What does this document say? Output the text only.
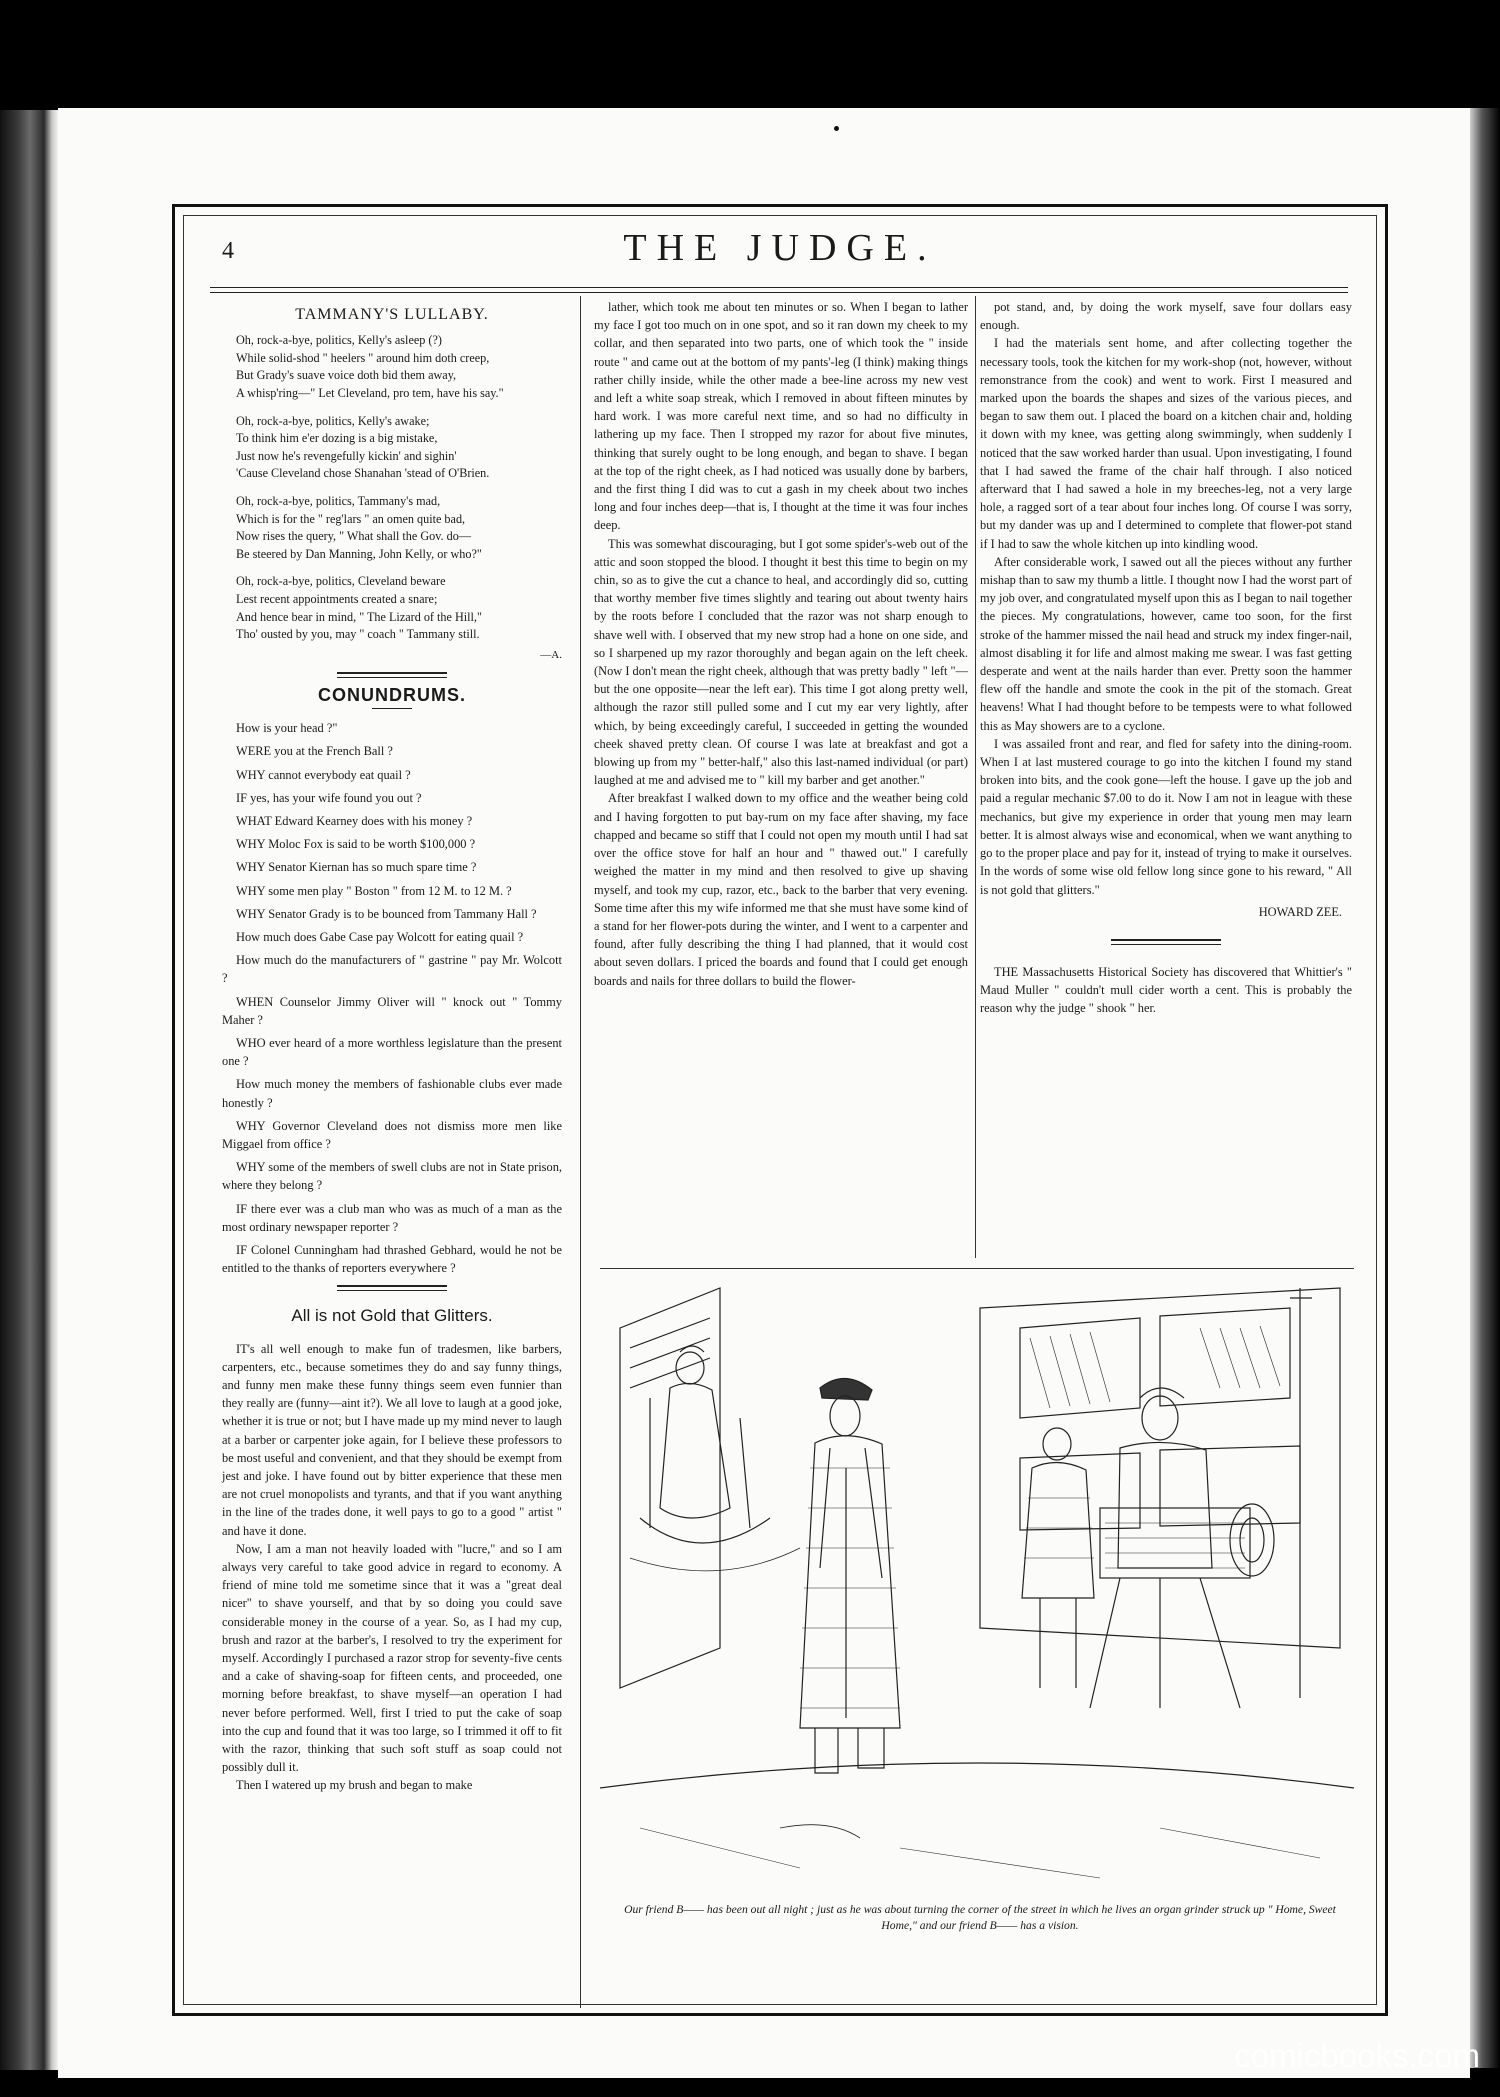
4	THE JUDGE.
TAMMANY'S LULLABY.
Oh, rock-a-bye, politics, Kelly's asleep (?)
While solid-shod " heelers " around him doth creep,
But Grady's suave voice doth bid them away,
A whisp'ring—" Let Cleveland, pro tem, have his say."
Oh, rock-a-bye, politics, Kelly's awake;
To think him e'er dozing is a big mistake,
Just now he's revengefully kickin' and sighin'
'Cause Cleveland chose Shanahan 'stead of O'Brien.
Oh, rock-a-bye, politics, Tammany's mad,
Which is for the " reg'lars " an omen quite bad,
Now rises the query, " What shall the Gov. do—
Be steered by Dan Manning, John Kelly, or who?"
Oh, rock-a-bye, politics, Cleveland beware
Lest recent appointments created a snare;
And hence bear in mind, " The Lizard of the Hill,"
Tho' ousted by you, may " coach " Tammany still.
—A.
CONUNDRUMS.
How is your head ?"
WERE you at the French Ball ?
WHY cannot everybody eat quail ?
IF yes, has your wife found you out ?
WHAT Edward Kearney does with his money ?
WHY Moloc Fox is said to be worth $100,000 ?
WHY Senator Kiernan has so much spare time ?
WHY some men play " Boston " from 12 M. to 12 M. ?
WHY Senator Grady is to be bounced from Tammany Hall ?
How much does Gabe Case pay Wolcott for eating quail ?
How much do the manufacturers of " gastrine " pay Mr. Wolcott ?
WHEN Counselor Jimmy Oliver will " knock out " Tommy Maher ?
WHO ever heard of a more worthless legislature than the present one ?
How much money the members of fashionable clubs ever made honestly ?
WHY Governor Cleveland does not dismiss more men like Miggael from office ?
WHY some of the members of swell clubs are not in State prison, where they belong ?
IF there ever was a club man who was as much of a man as the most ordinary newspaper reporter ?
IF Colonel Cunningham had thrashed Gebhard, would he not be entitled to the thanks of reporters everywhere ?
All is not Gold that Glitters.

IT's all well enough to make fun of tradesmen, like barbers, carpenters, etc., because sometimes they do and say funny things, and funny men make these funny things seem even funnier than they really are (funny—aint it?). We all love to laugh at a good joke, whether it is true or not; but I have made up my mind never to laugh at a barber or carpenter joke again, for I believe these professors to be most useful and convenient, and that they should be exempt from jest and joke. I have found out by bitter experience that these men are not cruel monopolists and tyrants, and that if you want anything in the line of the trades done, it well pays to go to a good " artist " and have it done.

Now, I am a man not heavily loaded with "lucre," and so I am always very careful to take good advice in regard to economy. A friend of mine told me sometime since that it was a "great deal nicer" to shave yourself, and that by so doing you could save considerable money in the course of a year. So, as I had my cup, brush and razor at the barber's, I resolved to try the experiment for myself. Accordingly I purchased a razor strop for seventy-five cents and a cake of shaving-soap for fifteen cents, and proceeded, one morning before breakfast, to shave myself—an operation I had never before performed. Well, first I tried to put the cake of soap into the cup and found that it was too large, so I trimmed it off to fit with the razor, thinking that such soft stuff as soap could not possibly dull it.

Then I watered up my brush and began to make

lather, which took me about ten minutes or so. When I began to lather my face I got too much on in one spot, and so it ran down my cheek to my collar, and then separated into two parts, one of which took the " inside route " and came out at the bottom of my pants'-leg (I think) making things rather chilly inside, while the other made a bee-line across my new vest and left a white soap streak, which I removed in about fifteen minutes by hard work. I was more careful next time, and so had no difficulty in lathering up my face. Then I stropped my razor for about five minutes, thinking that surely ought to be long enough, and began to shave. I began at the top of the right cheek, as I had noticed was usually done by barbers, and the first thing I did was to cut a gash in my cheek about two inches long and four inches deep—that is, I thought at the time it was four inches deep.

This was somewhat discouraging, but I got some spider's-web out of the attic and soon stopped the blood. I thought it best this time to begin on my chin, so as to give the cut a chance to heal, and accordingly did so, cutting that worthy member five times slightly and tearing out about twenty hairs by the roots before I concluded that the razor was not sharp enough to shave well with. I observed that my new strop had a hone on one side, and so I sharpened up my razor thoroughly and began again on the left cheek. (Now I don't mean the right cheek, although that was pretty badly " left "—but the one opposite—near the left ear). This time I got along pretty well, although the razor still pulled some and I cut my ear very lightly, after which, by being exceedingly careful, I succeeded in getting the wounded cheek shaved pretty clean. Of course I was late at breakfast and got a blowing up from my " better-half," also this last-named individual (or part) laughed at me and advised me to " kill my barber and get another."

After breakfast I walked down to my office and the weather being cold and I having forgotten to put bay-rum on my face after shaving, my face chapped and became so stiff that I could not open my mouth until I had sat over the office stove for half an hour and " thawed out." I carefully weighed the matter in my mind and then resolved to give up shaving myself, and took my cup, razor, etc., back to the barber that very evening. Some time after this my wife informed me that she must have some kind of a stand for her flower-pots during the winter, and I went to a carpenter and found, after fully describing the thing I had planned, that it would cost about seven dollars. I priced the boards and found that I could get enough boards and nails for three dollars to build the flower-

pot stand, and, by doing the work myself, save four dollars easy enough.

I had the materials sent home, and after collecting together the necessary tools, took the kitchen for my work-shop (not, however, without remonstrance from the cook) and went to work. First I measured and marked upon the boards the shapes and sizes of the various pieces, and began to saw them out. I placed the board on a kitchen chair and, holding it down with my knee, was getting along swimmingly, when suddenly I noticed that the saw worked harder than usual. Upon investigating, I found that I had sawed the frame of the chair half through. I also noticed afterward that I had sawed a hole in my breeches-leg, not a very large hole, a ragged sort of a tear about four inches long. Of course I was sorry, but my dander was up and I determined to complete that flower-pot stand if I had to saw the whole kitchen up into kindling wood.

After considerable work, I sawed out all the pieces without any further mishap than to saw my thumb a little. I thought now I had the worst part of my job over, and congratulated myself upon this as I began to nail together the pieces. My congratulations, however, came too soon, for the first stroke of the hammer missed the nail head and struck my index finger-nail, almost disabling it for life and almost making me swear. I was fast getting desperate and went at the nails harder than ever. Pretty soon the hammer flew off the handle and smote the cook in the pit of the stomach. Great heavens! What I had thought before to be tempests were to what followed this as May showers are to a cyclone.

I was assailed front and rear, and fled for safety into the dining-room. When I at last mustered courage to go into the kitchen I found my stand broken into bits, and the cook gone—left the house. I gave up the job and paid a regular mechanic $7.00 to do it. Now I am not in league with these mechanics, but give my experience in order that young men may learn better. It is almost always wise and economical, when we want anything to go to the proper place and pay for it, instead of trying to make it ourselves. In the words of some wise old fellow long since gone to his reward, " All is not gold that glitters."

HOWARD ZEE.

THE Massachusetts Historical Society has discovered that Whittier's " Maud Muller " couldn't mull cider worth a cent. This is probably the reason why the judge " shook " her.

Our friend B—— has been out all night ; just as he was about turning the corner of the street in which he lives an organ grinder struck up " Home, Sweet Home," and our friend B—— has a vision.
comicbooks.com
